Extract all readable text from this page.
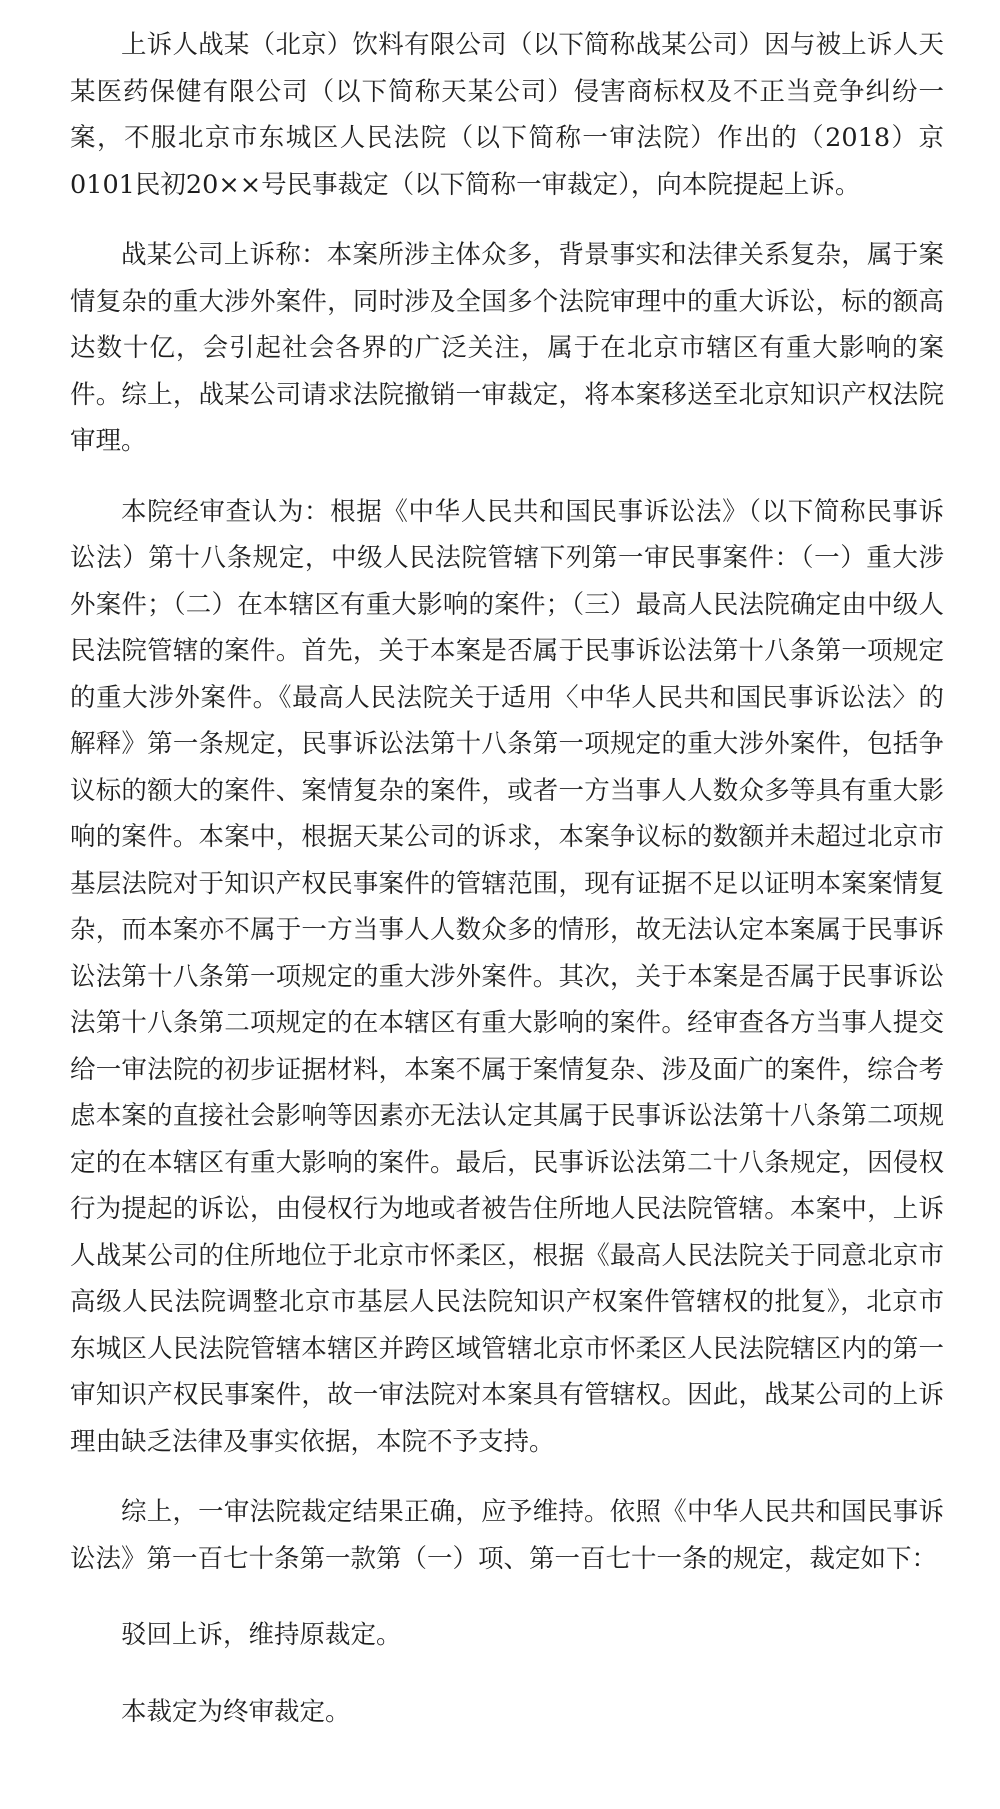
上诉人战某（北京）饮料有限公司（以下简称战某公司）因与被上诉人天某医药保健有限公司（以下简称天某公司）侵害商标权及不正当竞争纠纷一案，不服北京市东城区人民法院（以下简称一审法院）作出的（2018）京0101民初20××号民事裁定（以下简称一审裁定），向本院提起上诉。

战某公司上诉称：本案所涉主体众多，背景事实和法律关系复杂，属于案情复杂的重大涉外案件，同时涉及全国多个法院审理中的重大诉讼，标的额高达数十亿，会引起社会各界的广泛关注，属于在北京市辖区有重大影响的案件。综上，战某公司请求法院撤销一审裁定，将本案移送至北京知识产权法院审理。

本院经审查认为：根据《中华人民共和国民事诉讼法》（以下简称民事诉讼法）第十八条规定，中级人民法院管辖下列第一审民事案件：（一）重大涉外案件；（二）在本辖区有重大影响的案件；（三）最高人民法院确定由中级人民法院管辖的案件。首先，关于本案是否属于民事诉讼法第十八条第一项规定的重大涉外案件。《最高人民法院关于适用〈中华人民共和国民事诉讼法〉的解释》第一条规定，民事诉讼法第十八条第一项规定的重大涉外案件，包括争议标的额大的案件、案情复杂的案件，或者一方当事人人数众多等具有重大影响的案件。本案中，根据天某公司的诉求，本案争议标的数额并未超过北京市基层法院对于知识产权民事案件的管辖范围，现有证据不足以证明本案案情复杂，而本案亦不属于一方当事人人数众多的情形，故无法认定本案属于民事诉讼法第十八条第一项规定的重大涉外案件。其次，关于本案是否属于民事诉讼法第十八条第二项规定的在本辖区有重大影响的案件。经审查各方当事人提交给一审法院的初步证据材料，本案不属于案情复杂、涉及面广的案件，综合考虑本案的直接社会影响等因素亦无法认定其属于民事诉讼法第十八条第二项规定的在本辖区有重大影响的案件。最后，民事诉讼法第二十八条规定，因侵权行为提起的诉讼，由侵权行为地或者被告住所地人民法院管辖。本案中，上诉人战某公司的住所地位于北京市怀柔区，根据《最高人民法院关于同意北京市高级人民法院调整北京市基层人民法院知识产权案件管辖权的批复》，北京市东城区人民法院管辖本辖区并跨区域管辖北京市怀柔区人民法院辖区内的第一审知识产权民事案件，故一审法院对本案具有管辖权。因此，战某公司的上诉理由缺乏法律及事实依据，本院不予支持。

综上，一审法院裁定结果正确，应予维持。依照《中华人民共和国民事诉讼法》第一百七十条第一款第（一）项、第一百七十一条的规定，裁定如下：

驳回上诉，维持原裁定。

本裁定为终审裁定。
